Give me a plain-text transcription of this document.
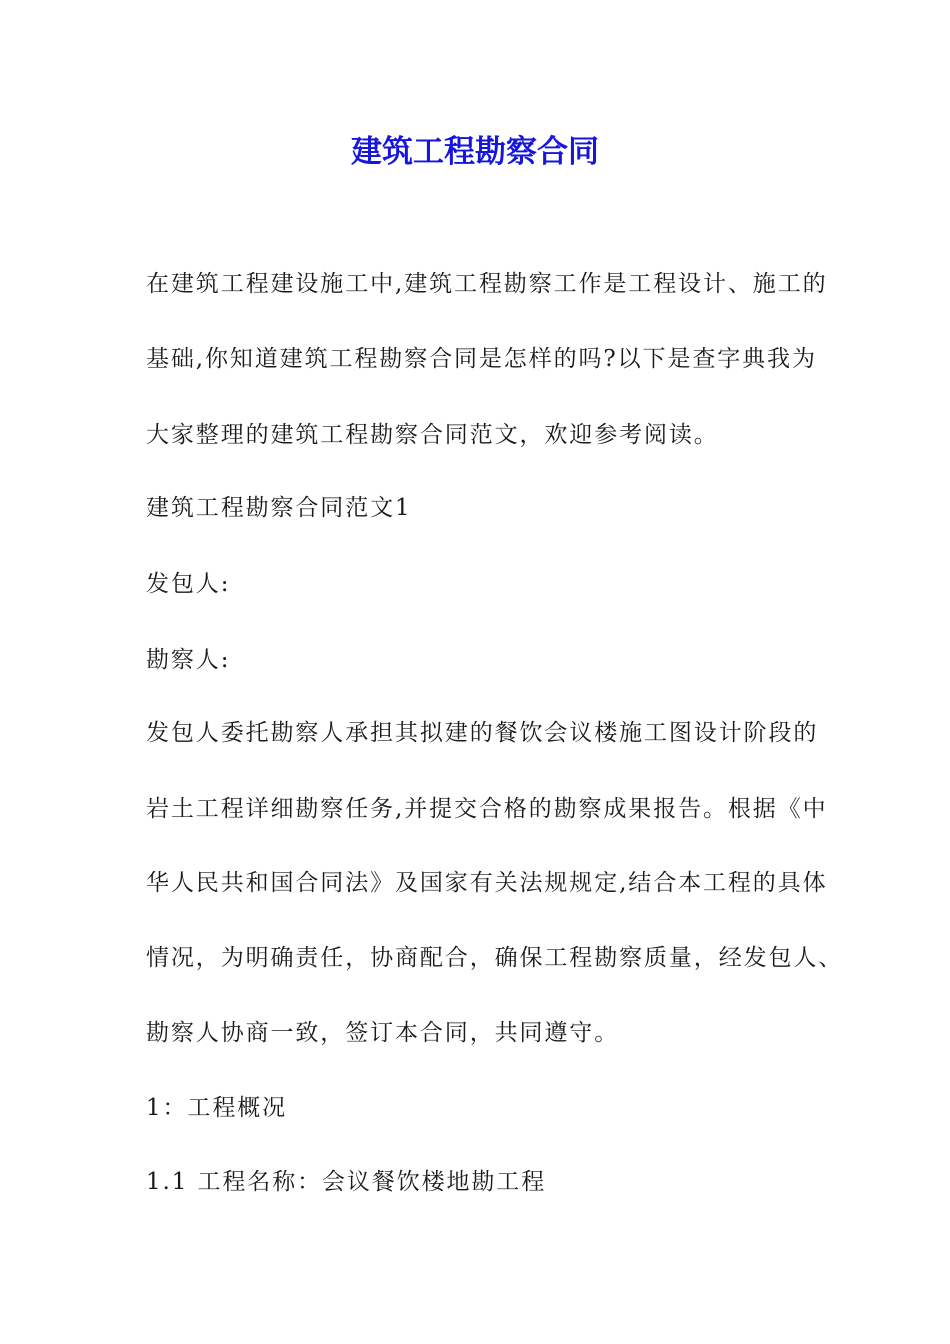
建筑工程勘察合同

在建筑工程建设施工中,建筑工程勘察工作是工程设计、施工的

基础,你知道建筑工程勘察合同是怎样的吗?以下是查字典我为

大家整理的建筑工程勘察合同范文，欢迎参考阅读。

建筑工程勘察合同范文1

发包人:

勘察人:

发包人委托勘察人承担其拟建的餐饮会议楼施工图设计阶段的

岩土工程详细勘察任务,并提交合格的勘察成果报告。根据《中

华人民共和国合同法》及国家有关法规规定,结合本工程的具体

情况，为明确责任，协商配合，确保工程勘察质量，经发包人、

勘察人协商一致，签订本合同，共同遵守。

1：工程概况

1.1 工程名称：会议餐饮楼地勘工程
